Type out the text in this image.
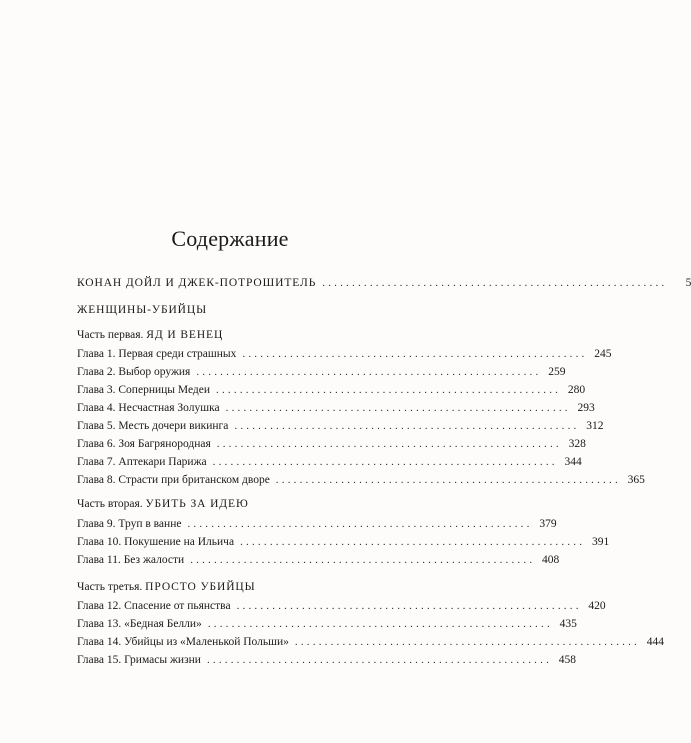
Содержание
КОНАН ДОЙЛ И ДЖЕК-ПОТРОШИТЕЛЬ ..........................................................	5
ЖЕНЩИНЫ-УБИЙЦЫ
Часть первая. ЯД И ВЕНЕЦ
Глава 1. Первая среди страшных .......................................................... 245
Глава 2. Выбор оружия .......................................................... 259
Глава 3. Соперницы Медеи .......................................................... 280
Глава 4. Несчастная Золушка .......................................................... 293
Глава 5. Месть дочери викинга .......................................................... 312
Глава 6. Зоя Багрянородная .......................................................... 328
Глава 7. Аптекари Парижа .......................................................... 344
Глава 8. Страсти при британском дворе .......................................................... 365
Часть вторая. УБИТЬ ЗА ИДЕЮ
Глава 9. Труп в ванне .......................................................... 379
Глава 10. Покушение на Ильича .......................................................... 391
Глава 11. Без жалости .......................................................... 408
Часть третья. ПРОСТО УБИЙЦЫ
Глава 12. Спасение от пьянства .......................................................... 420
Глава 13. «Бедная Белли» .......................................................... 435
Глава 14. Убийцы из «Маленькой Польши» .......................................................... 444
Глава 15. Гримасы жизни .......................................................... 458
